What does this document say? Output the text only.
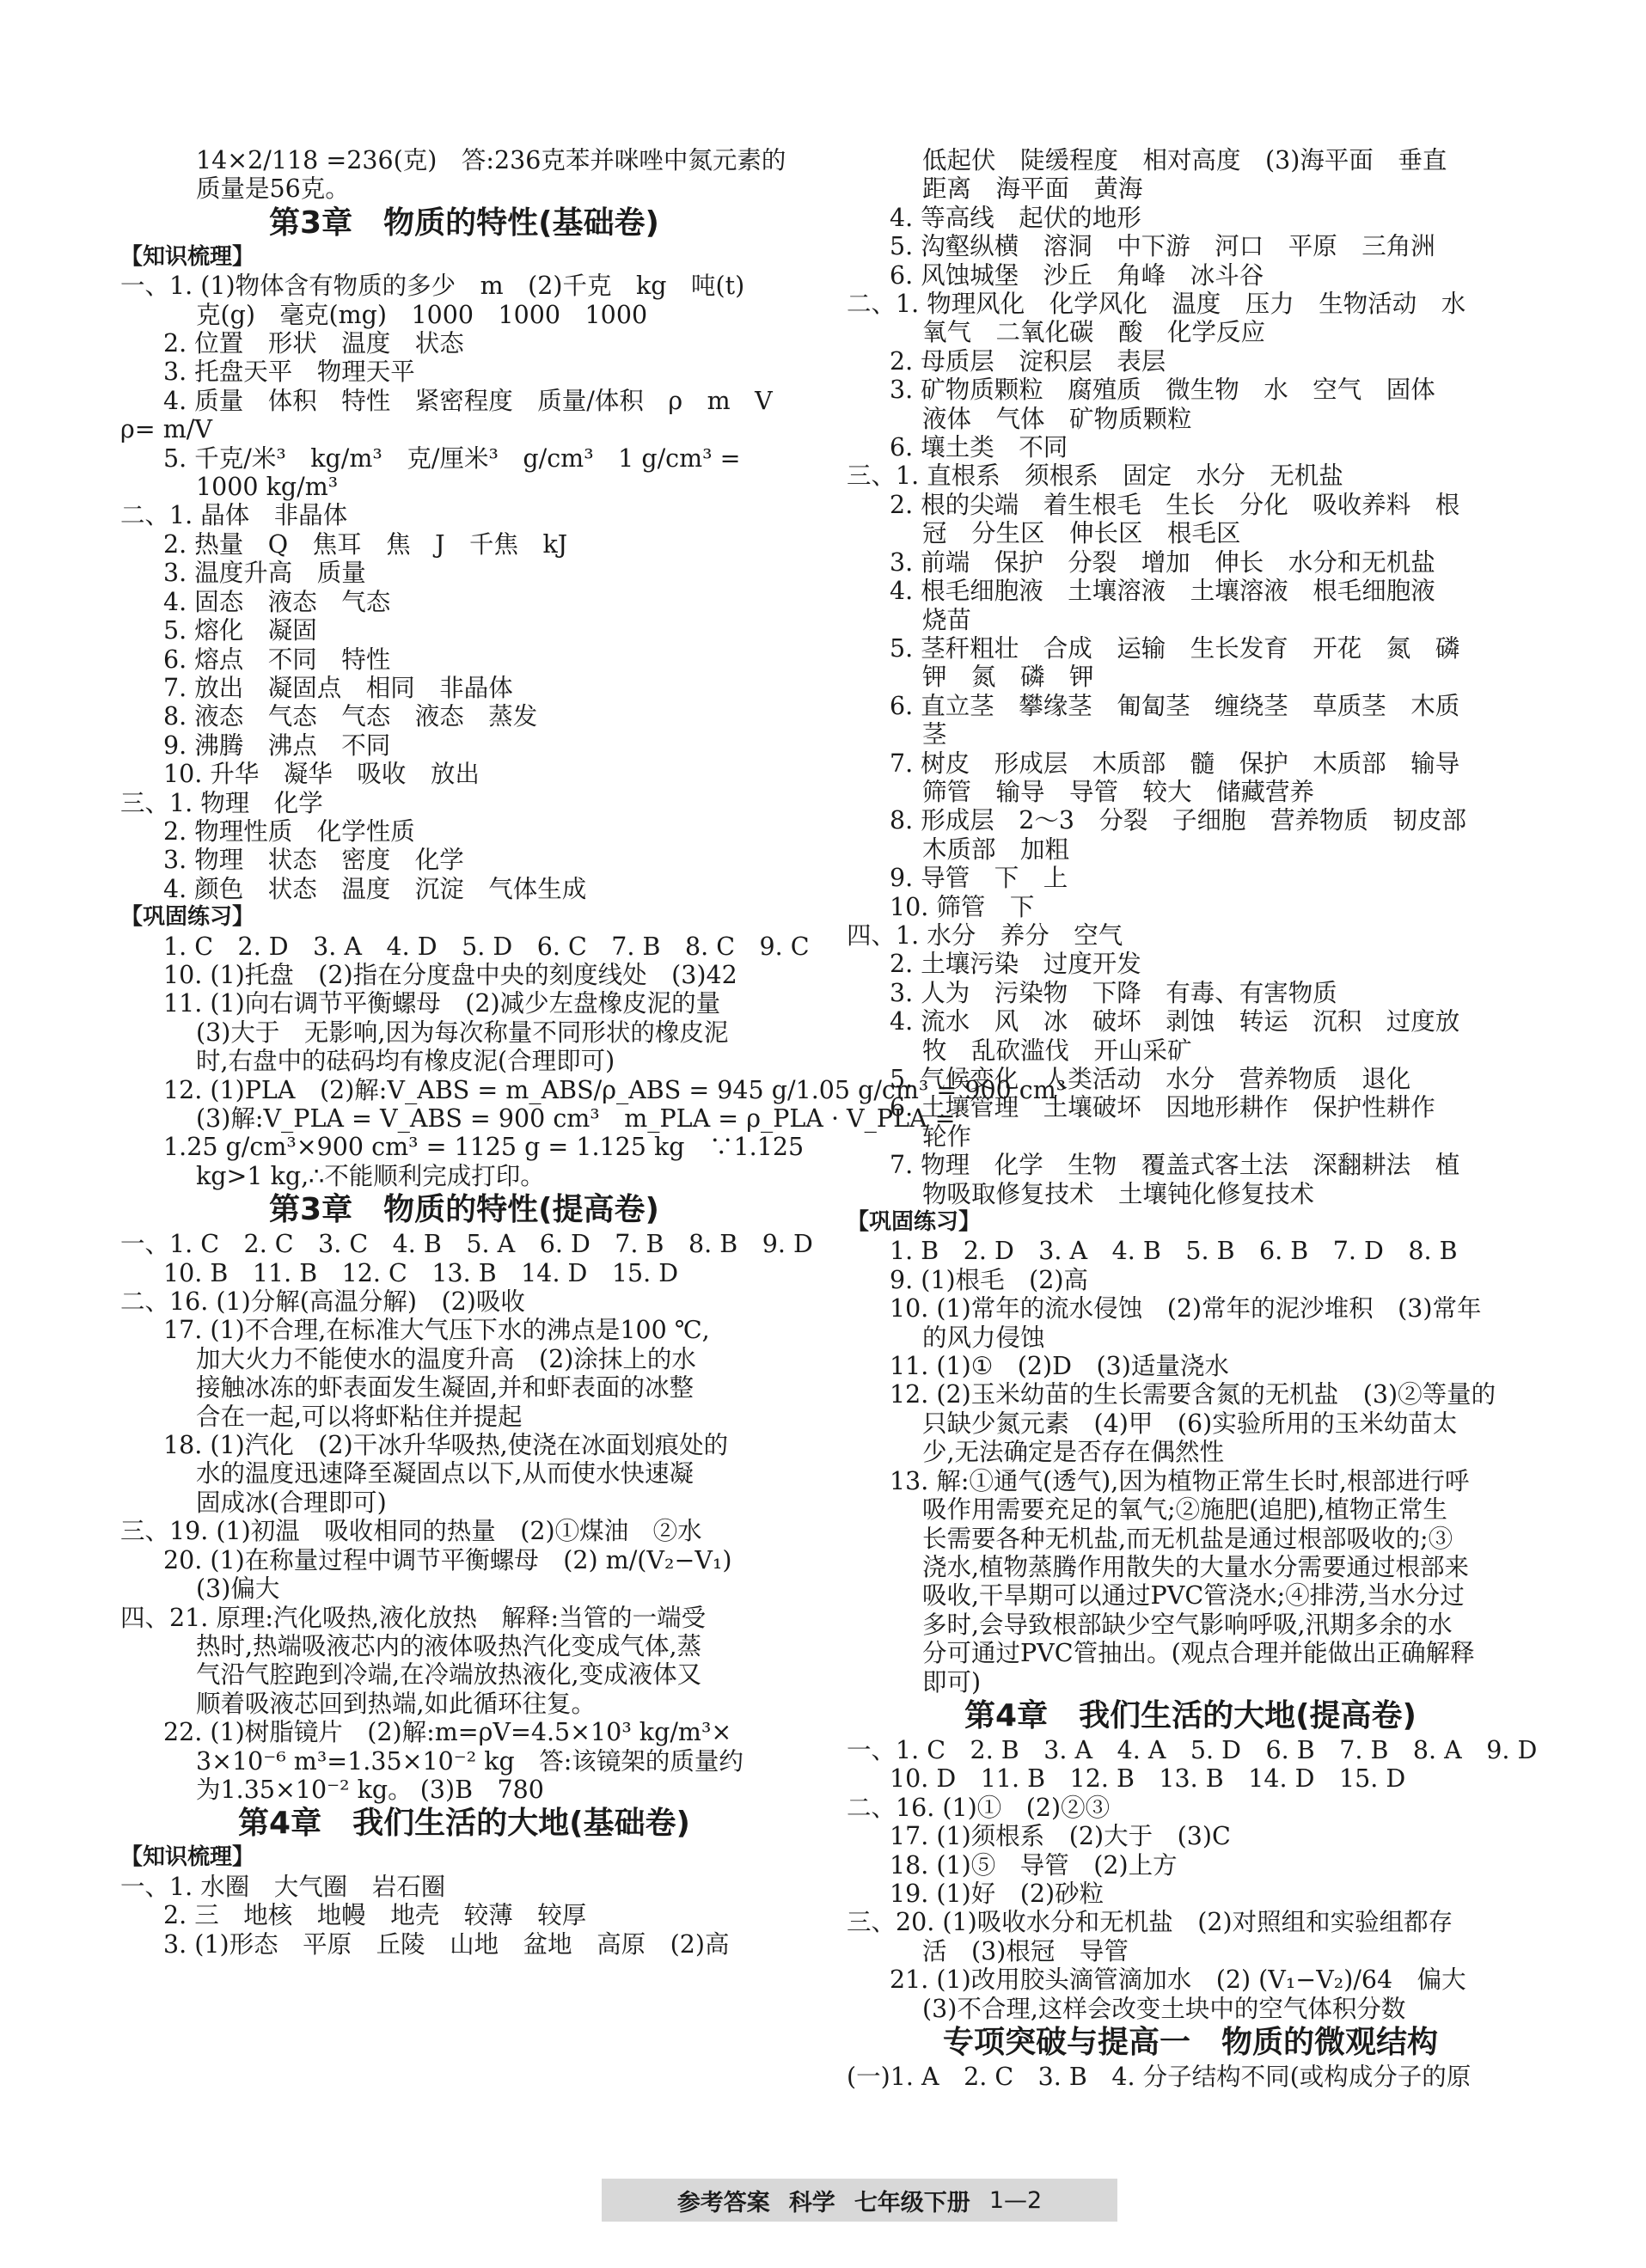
14×2/118 =236(克)　答:236克苯并咪唑中氮元素的
质量是56克。
第3章　物质的特性(基础卷)
【知识梳理】
一、1. (1)物体含有物质的多少　m　(2)千克　kg　吨(t)
克(g)　毫克(mg)　1000　1000　1000
2. 位置　形状　温度　状态
3. 托盘天平　物理天平
4. 质量　体积　特性　紧密程度　质量/体积　ρ　m　V
ρ= m/V
5. 千克/米³　kg/m³　克/厘米³　g/cm³　1 g/cm³ =
1000 kg/m³
二、1. 晶体　非晶体
2. 热量　Q　焦耳　焦　J　千焦　kJ
3. 温度升高　质量
4. 固态　液态　气态
5. 熔化　凝固
6. 熔点　不同　特性
7. 放出　凝固点　相同　非晶体
8. 液态　气态　气态　液态　蒸发
9. 沸腾　沸点　不同
10. 升华　凝华　吸收　放出
三、1. 物理　化学
2. 物理性质　化学性质
3. 物理　状态　密度　化学
4. 颜色　状态　温度　沉淀　气体生成
【巩固练习】
1. C　2. D　3. A　4. D　5. D　6. C　7. B　8. C　9. C
10. (1)托盘　(2)指在分度盘中央的刻度线处　(3)42
11. (1)向右调节平衡螺母　(2)减少左盘橡皮泥的量
(3)大于　无影响,因为每次称量不同形状的橡皮泥
时,右盘中的砝码均有橡皮泥(合理即可)
12. (1)PLA　(2)解:V_ABS = m_ABS/ρ_ABS = 945 g/1.05 g/cm³ = 900 cm³
(3)解:V_PLA = V_ABS = 900 cm³　m_PLA = ρ_PLA · V_PLA =
1.25 g/cm³×900 cm³ = 1125 g = 1.125 kg　∵1.125
kg>1 kg,∴不能顺利完成打印。
第3章　物质的特性(提高卷)
一、1. C　2. C　3. C　4. B　5. A　6. D　7. B　8. B　9. D
10. B　11. B　12. C　13. B　14. D　15. D
二、16. (1)分解(高温分解)　(2)吸收
17. (1)不合理,在标准大气压下水的沸点是100 ℃,
加大火力不能使水的温度升高　(2)涂抹上的水
接触冰冻的虾表面发生凝固,并和虾表面的冰整
合在一起,可以将虾粘住并提起
18. (1)汽化　(2)干冰升华吸热,使浇在冰面划痕处的
水的温度迅速降至凝固点以下,从而使水快速凝
固成冰(合理即可)
三、19. (1)初温　吸收相同的热量　(2)①煤油　②水
20. (1)在称量过程中调节平衡螺母　(2) m/(V₂−V₁)
(3)偏大
四、21. 原理:汽化吸热,液化放热　解释:当管的一端受
热时,热端吸液芯内的液体吸热汽化变成气体,蒸
气沿气腔跑到冷端,在冷端放热液化,变成液体又
顺着吸液芯回到热端,如此循环往复。
22. (1)树脂镜片　(2)解:m=ρV=4.5×10³ kg/m³×
3×10⁻⁶ m³=1.35×10⁻² kg　答:该镜架的质量约
为1.35×10⁻² kg。 (3)B　780
第4章　我们生活的大地(基础卷)
【知识梳理】
一、1. 水圈　大气圈　岩石圈
2. 三　地核　地幔　地壳　较薄　较厚
3. (1)形态　平原　丘陵　山地　盆地　高原　(2)高
低起伏　陡缓程度　相对高度　(3)海平面　垂直
距离　海平面　黄海
4. 等高线　起伏的地形
5. 沟壑纵横　溶洞　中下游　河口　平原　三角洲
6. 风蚀城堡　沙丘　角峰　冰斗谷
二、1. 物理风化　化学风化　温度　压力　生物活动　水
氧气　二氧化碳　酸　化学反应
2. 母质层　淀积层　表层
3. 矿物质颗粒　腐殖质　微生物　水　空气　固体
液体　气体　矿物质颗粒
6. 壤土类　不同
三、1. 直根系　须根系　固定　水分　无机盐
2. 根的尖端　着生根毛　生长　分化　吸收养料　根
冠　分生区　伸长区　根毛区
3. 前端　保护　分裂　增加　伸长　水分和无机盐
4. 根毛细胞液　土壤溶液　土壤溶液　根毛细胞液
烧苗
5. 茎秆粗壮　合成　运输　生长发育　开花　氮　磷
钾　氮　磷　钾
6. 直立茎　攀缘茎　匍匐茎　缠绕茎　草质茎　木质
茎
7. 树皮　形成层　木质部　髓　保护　木质部　输导
筛管　输导　导管　较大　储藏营养
8. 形成层　2～3　分裂　子细胞　营养物质　韧皮部
木质部　加粗
9. 导管　下　上
10. 筛管　下
四、1. 水分　养分　空气
2. 土壤污染　过度开发
3. 人为　污染物　下降　有毒、有害物质
4. 流水　风　冰　破坏　剥蚀　转运　沉积　过度放
牧　乱砍滥伐　开山采矿
5. 气候变化　人类活动　水分　营养物质　退化
6. 土壤管理　土壤破坏　因地形耕作　保护性耕作
轮作
7. 物理　化学　生物　覆盖式客土法　深翻耕法　植
物吸取修复技术　土壤钝化修复技术
【巩固练习】
1. B　2. D　3. A　4. B　5. B　6. B　7. D　8. B
9. (1)根毛　(2)高
10. (1)常年的流水侵蚀　(2)常年的泥沙堆积　(3)常年
的风力侵蚀
11. (1)①　(2)D　(3)适量浇水
12. (2)玉米幼苗的生长需要含氮的无机盐　(3)②等量的
只缺少氮元素　(4)甲　(6)实验所用的玉米幼苗太
少,无法确定是否存在偶然性
13. 解:①通气(透气),因为植物正常生长时,根部进行呼
吸作用需要充足的氧气;②施肥(追肥),植物正常生
长需要各种无机盐,而无机盐是通过根部吸收的;③
浇水,植物蒸腾作用散失的大量水分需要通过根部来
吸收,干旱期可以通过PVC管浇水;④排涝,当水分过
多时,会导致根部缺少空气影响呼吸,汛期多余的水
分可通过PVC管抽出。(观点合理并能做出正确解释
即可)
第4章　我们生活的大地(提高卷)
一、1. C　2. B　3. A　4. A　5. D　6. B　7. B　8. A　9. D
10. D　11. B　12. B　13. B　14. D　15. D
二、16. (1)①　(2)②③
17. (1)须根系　(2)大于　(3)C
18. (1)⑤　导管　(2)上方
19. (1)好　(2)砂粒
三、20. (1)吸收水分和无机盐　(2)对照组和实验组都存
活　(3)根冠　导管
21. (1)改用胶头滴管滴加水　(2) (V₁−V₂)/64　偏大
(3)不合理,这样会改变土块中的空气体积分数
专项突破与提高一　物质的微观结构
(一)1. A　2. C　3. B　4. 分子结构不同(或构成分子的原
参考答案 科学 七年级下册 1—2
